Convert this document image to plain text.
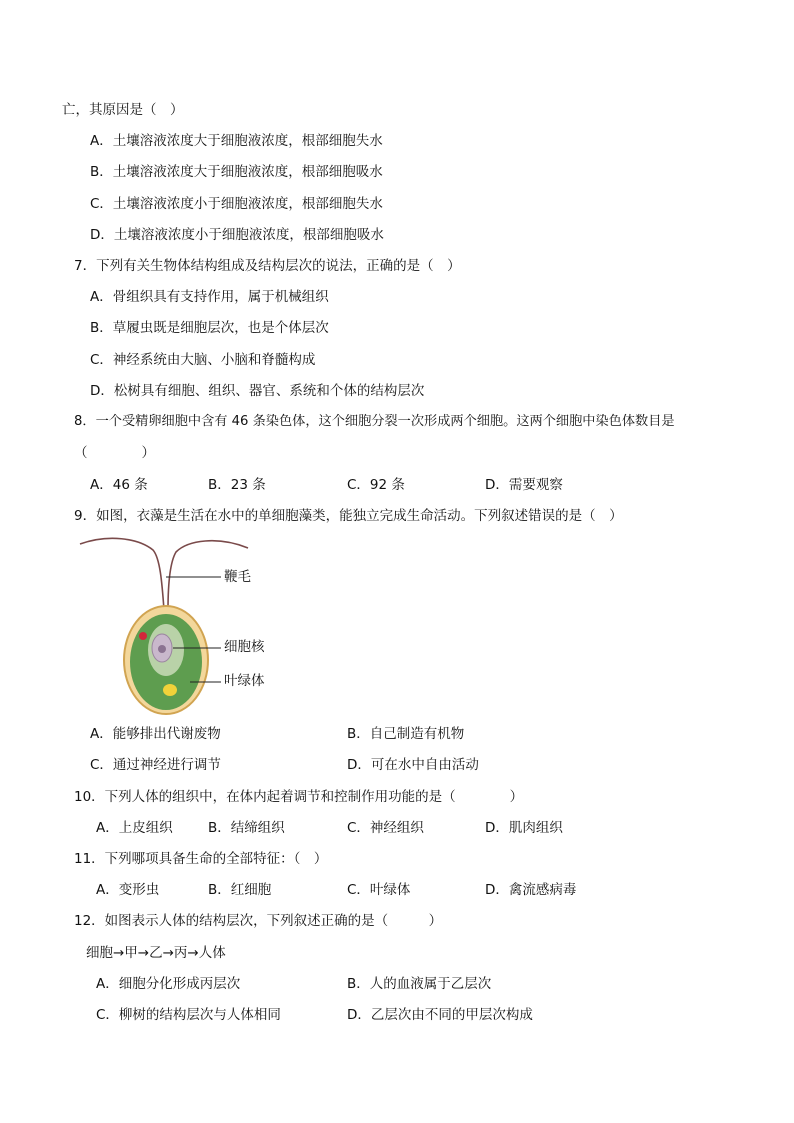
亡，其原因是（　）
A．土壤溶液浓度大于细胞液浓度，根部细胞失水
B．土壤溶液浓度大于细胞液浓度，根部细胞吸水
C．土壤溶液浓度小于细胞液浓度，根部细胞失水
D．土壤溶液浓度小于细胞液浓度，根部细胞吸水
7．下列有关生物体结构组成及结构层次的说法，正确的是（　）
A．骨组织具有支持作用，属于机械组织
B．草履虫既是细胞层次，也是个体层次
C．神经系统由大脑、小脑和脊髓构成
D．松树具有细胞、组织、器官、系统和个体的结构层次
8．一个受精卵细胞中含有 46 条染色体，这个细胞分裂一次形成两个细胞。这两个细胞中染色体数目是
（　　　　）
A．46 条	B．23 条	C．92 条	D．需要观察
9．如图，衣藻是生活在水中的单细胞藻类，能独立完成生命活动。下列叙述错误的是（　）
鞭毛
细胞核
叶绿体
A．能够排出代谢废物	B．自己制造有机物
C．通过神经进行调节	D．可在水中自由活动
10．下列人体的组织中，在体内起着调节和控制作用功能的是（　　　　）
A．上皮组织	B．结缔组织	C．神经组织	D．肌肉组织
11．下列哪项具备生命的全部特征：（　）
A．变形虫	B．红细胞	C．叶绿体	D．禽流感病毒
12．如图表示人体的结构层次，下列叙述正确的是（　　　）
细胞→甲→乙→丙→人体
A．细胞分化形成丙层次	B．人的血液属于乙层次
C．柳树的结构层次与人体相同	D．乙层次由不同的甲层次构成
